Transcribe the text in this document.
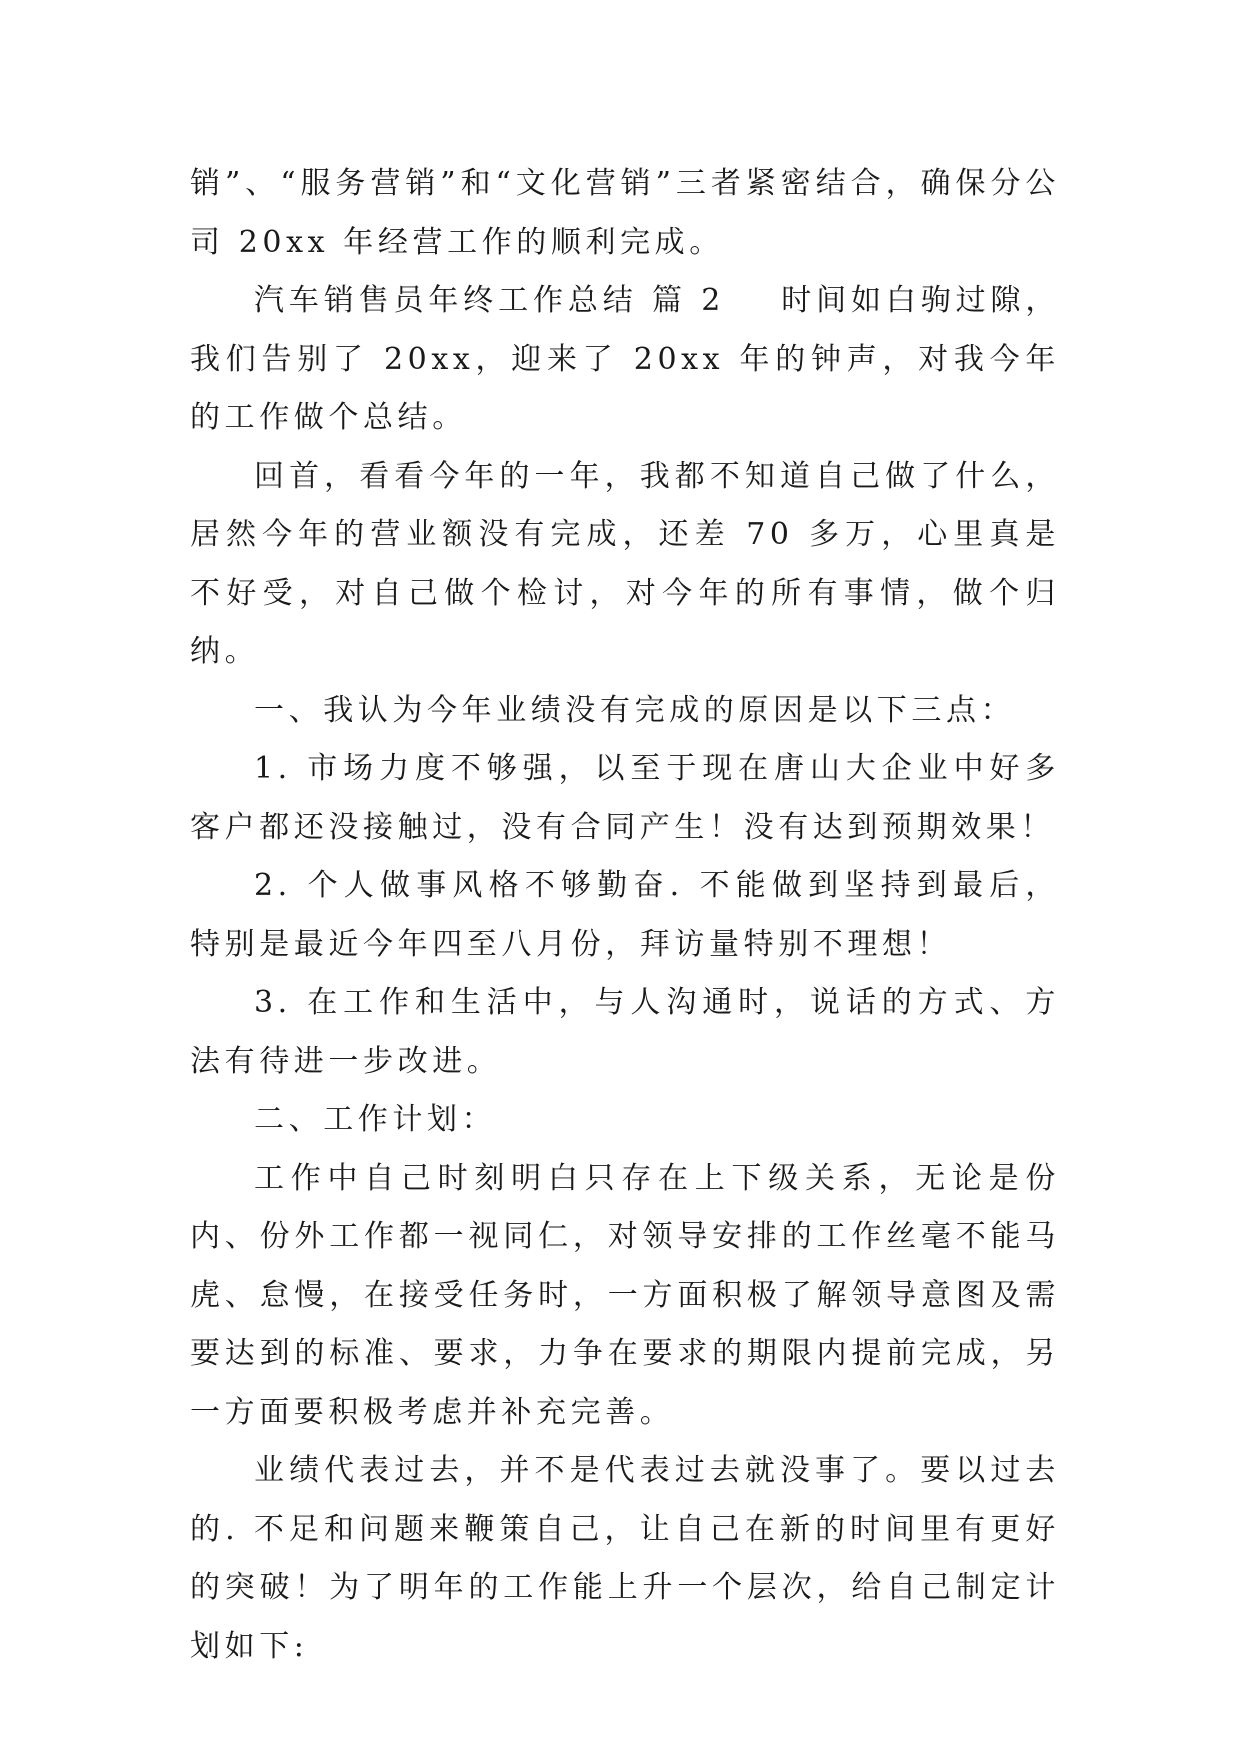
销”、“服务营销”和“文化营销”三者紧密结合，确保分公司 20xx 年经营工作的顺利完成。

汽车销售员年终工作总结 篇 2 时间如白驹过隙，我们告别了 20xx，迎来了 20xx 年的钟声，对我今年的工作做个总结。

回首，看看今年的一年，我都不知道自己做了什么，居然今年的营业额没有完成，还差 70 多万，心里真是不好受，对自己做个检讨，对今年的所有事情，做个归纳。

一、我认为今年业绩没有完成的原因是以下三点：

1. 市场力度不够强，以至于现在唐山大企业中好多客户都还没接触过，没有合同产生！没有达到预期效果！

2. 个人做事风格不够勤奋. 不能做到坚持到最后，特别是最近今年四至八月份，拜访量特别不理想！

3. 在工作和生活中，与人沟通时，说话的方式、方法有待进一步改进。

二、工作计划：

工作中自己时刻明白只存在上下级关系，无论是份内、份外工作都一视同仁，对领导安排的工作丝毫不能马虎、怠慢，在接受任务时，一方面积极了解领导意图及需要达到的标准、要求，力争在要求的期限内提前完成，另一方面要积极考虑并补充完善。

业绩代表过去，并不是代表过去就没事了。要以过去的. 不足和问题来鞭策自己，让自己在新的时间里有更好的突破！为了明年的工作能上升一个层次，给自己制定计划如下:
